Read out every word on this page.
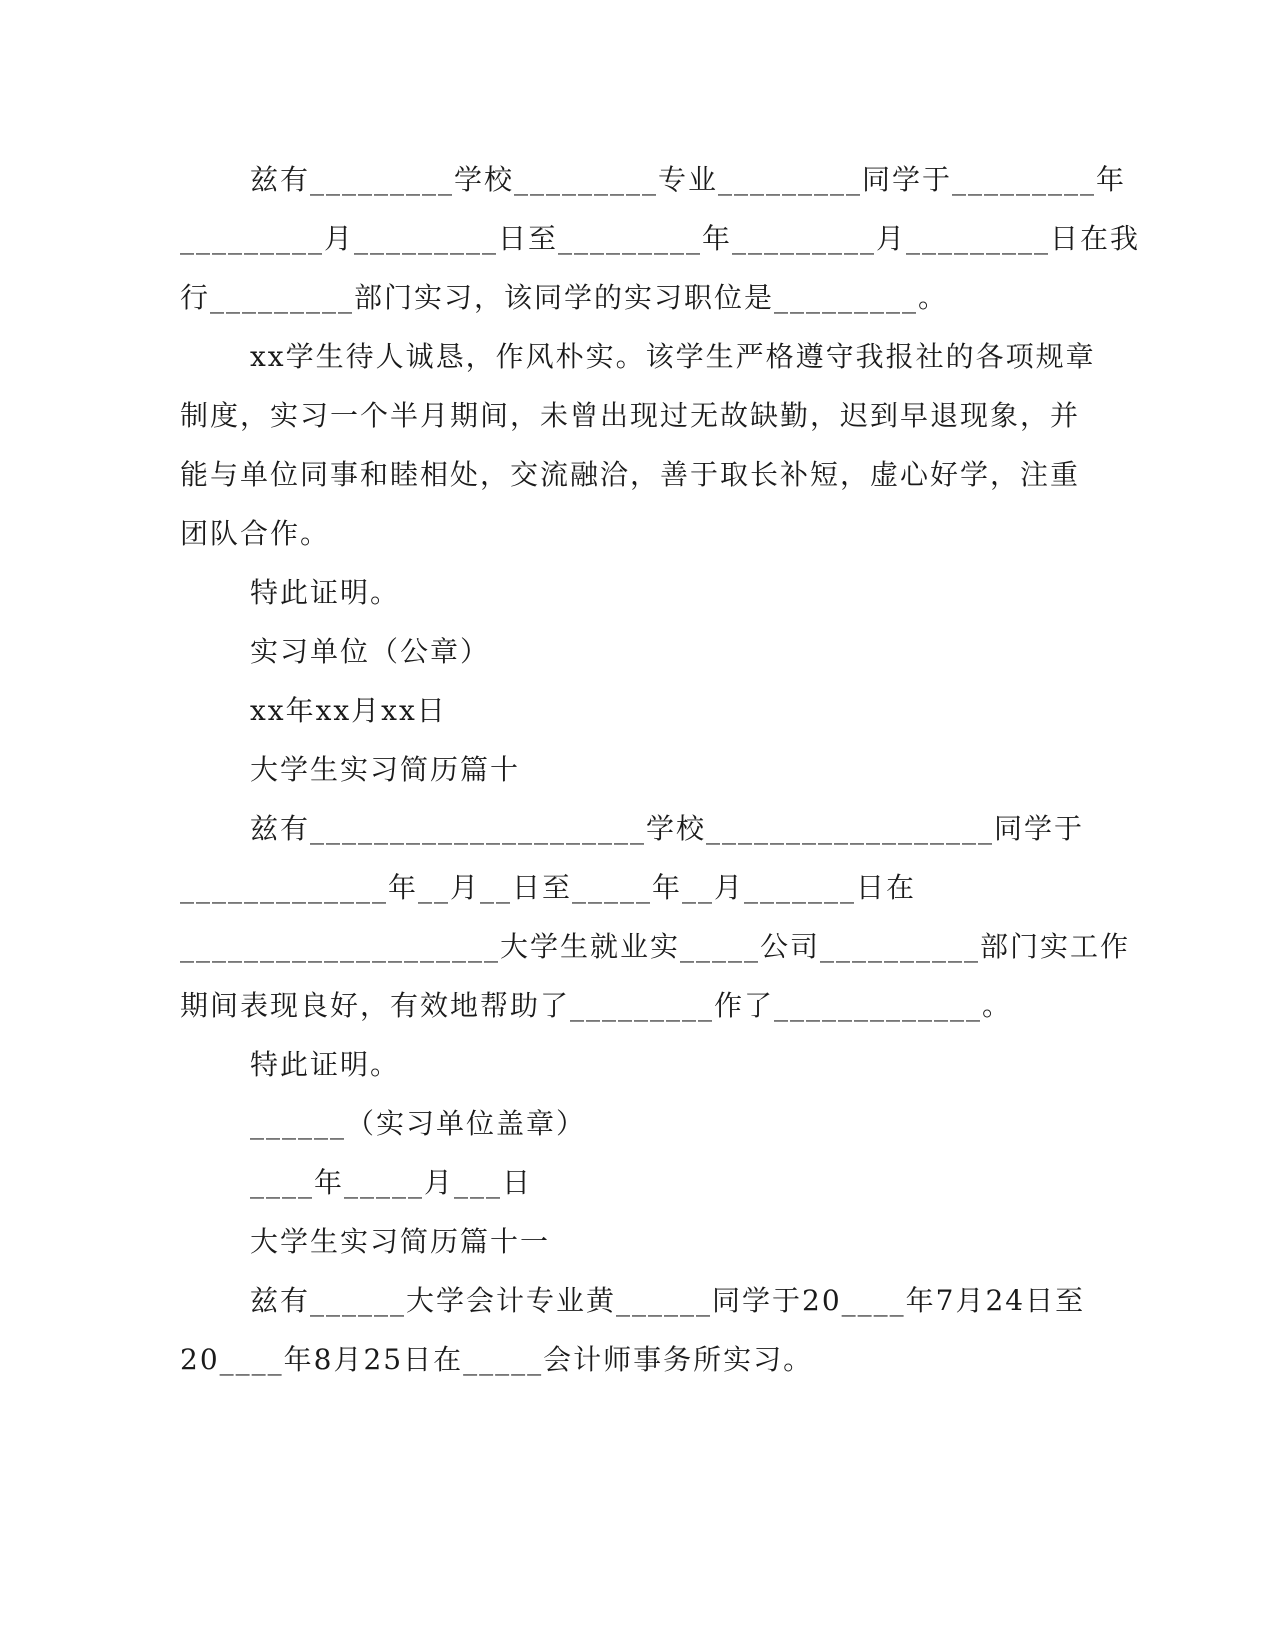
兹有_________学校_________专业_________同学于_________年

_________月_________日至_________年_________月_________日在我

行_________部门实习，该同学的实习职位是_________。

xx学生待人诚恳，作风朴实。该学生严格遵守我报社的各项规章

制度，实习一个半月期间，未曾出现过无故缺勤，迟到早退现象，并

能与单位同事和睦相处，交流融洽，善于取长补短，虚心好学，注重

团队合作。

特此证明。

实习单位（公章）

xx年xx月xx日

大学生实习简历篇十

兹有_____________________学校__________________同学于

_____________年__月__日至_____年__月_______日在

____________________大学生就业实_____公司__________部门实工作

期间表现良好，有效地帮助了_________作了_____________。

特此证明。

______（实习单位盖章）

____年_____月___日

大学生实习简历篇十一

兹有______大学会计专业黄______同学于20____年7月24日至

20____年8月25日在_____会计师事务所实习。
